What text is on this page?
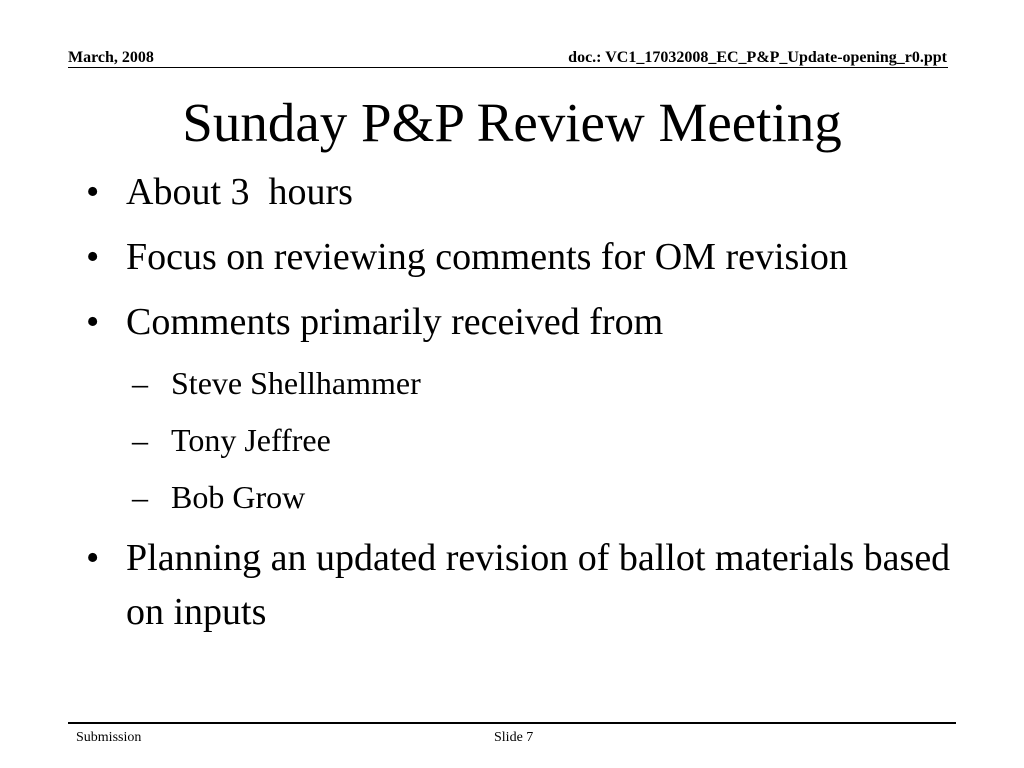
March, 2008	doc.: VC1_17032008_EC_P&P_Update-opening_r0.ppt
Sunday P&P Review Meeting
• About 3  hours
• Focus on reviewing comments for OM revision
• Comments primarily received from
– Steve Shellhammer
– Tony Jeffree
– Bob Grow
• Planning an updated revision of ballot materials based on inputs
Submission	Slide 7
